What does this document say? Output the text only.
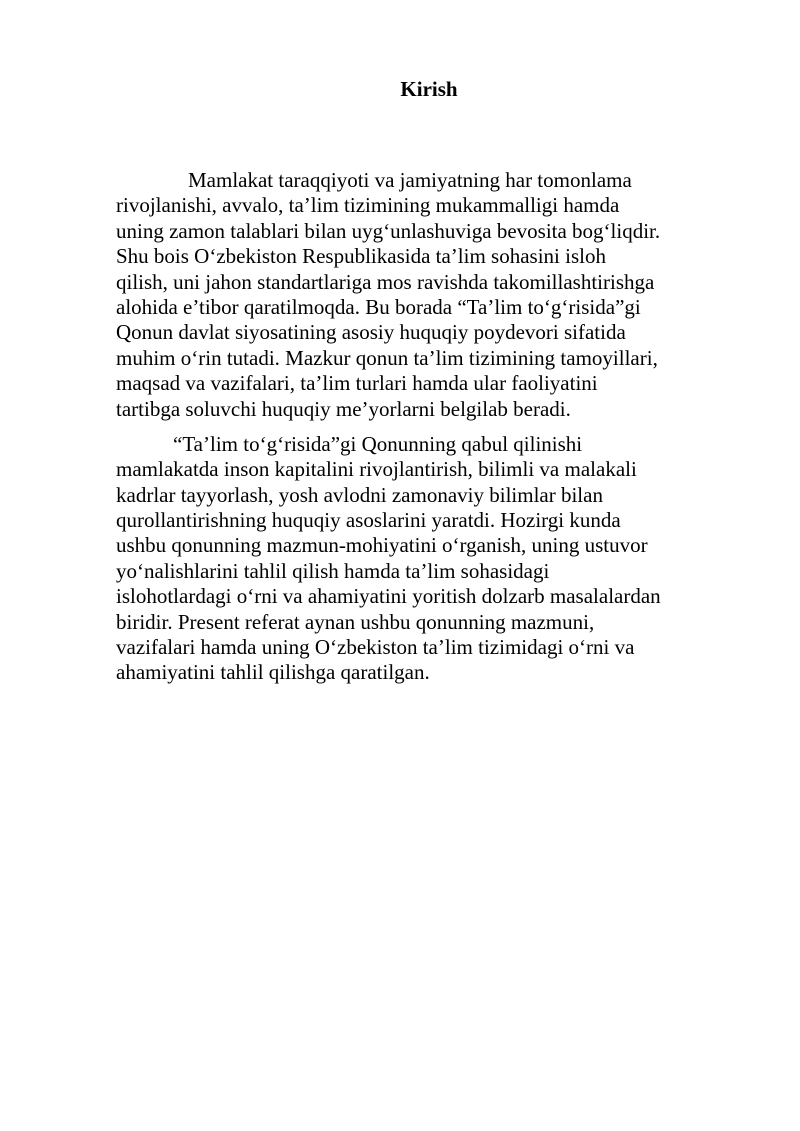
Kirish

Mamlakat taraqqiyoti va jamiyatning har tomonlama
rivojlanishi, avvalo, ta’lim tizimining mukammalligi hamda
uning zamon talablari bilan uyg‘unlashuviga bevosita bog‘liqdir.
Shu bois O‘zbekiston Respublikasida ta’lim sohasini isloh
qilish, uni jahon standartlariga mos ravishda takomillashtirishga
alohida e’tibor qaratilmoqda. Bu borada “Ta’lim to‘g‘risida”gi
Qonun davlat siyosatining asosiy huquqiy poydevori sifatida
muhim o‘rin tutadi. Mazkur qonun ta’lim tizimining tamoyillari,
maqsad va vazifalari, ta’lim turlari hamda ular faoliyatini
tartibga soluvchi huquqiy me’yorlarni belgilab beradi.

“Ta’lim to‘g‘risida”gi Qonunning qabul qilinishi
mamlakatda inson kapitalini rivojlantirish, bilimli va malakali
kadrlar tayyorlash, yosh avlodni zamonaviy bilimlar bilan
qurollantirishning huquqiy asoslarini yaratdi. Hozirgi kunda
ushbu qonunning mazmun-mohiyatini o‘rganish, uning ustuvor
yo‘nalishlarini tahlil qilish hamda ta’lim sohasidagi
islohotlardagi o‘rni va ahamiyatini yoritish dolzarb masalalardan
biridir. Present referat aynan ushbu qonunning mazmuni,
vazifalari hamda uning O‘zbekiston ta’lim tizimidagi o‘rni va
ahamiyatini tahlil qilishga qaratilgan.
